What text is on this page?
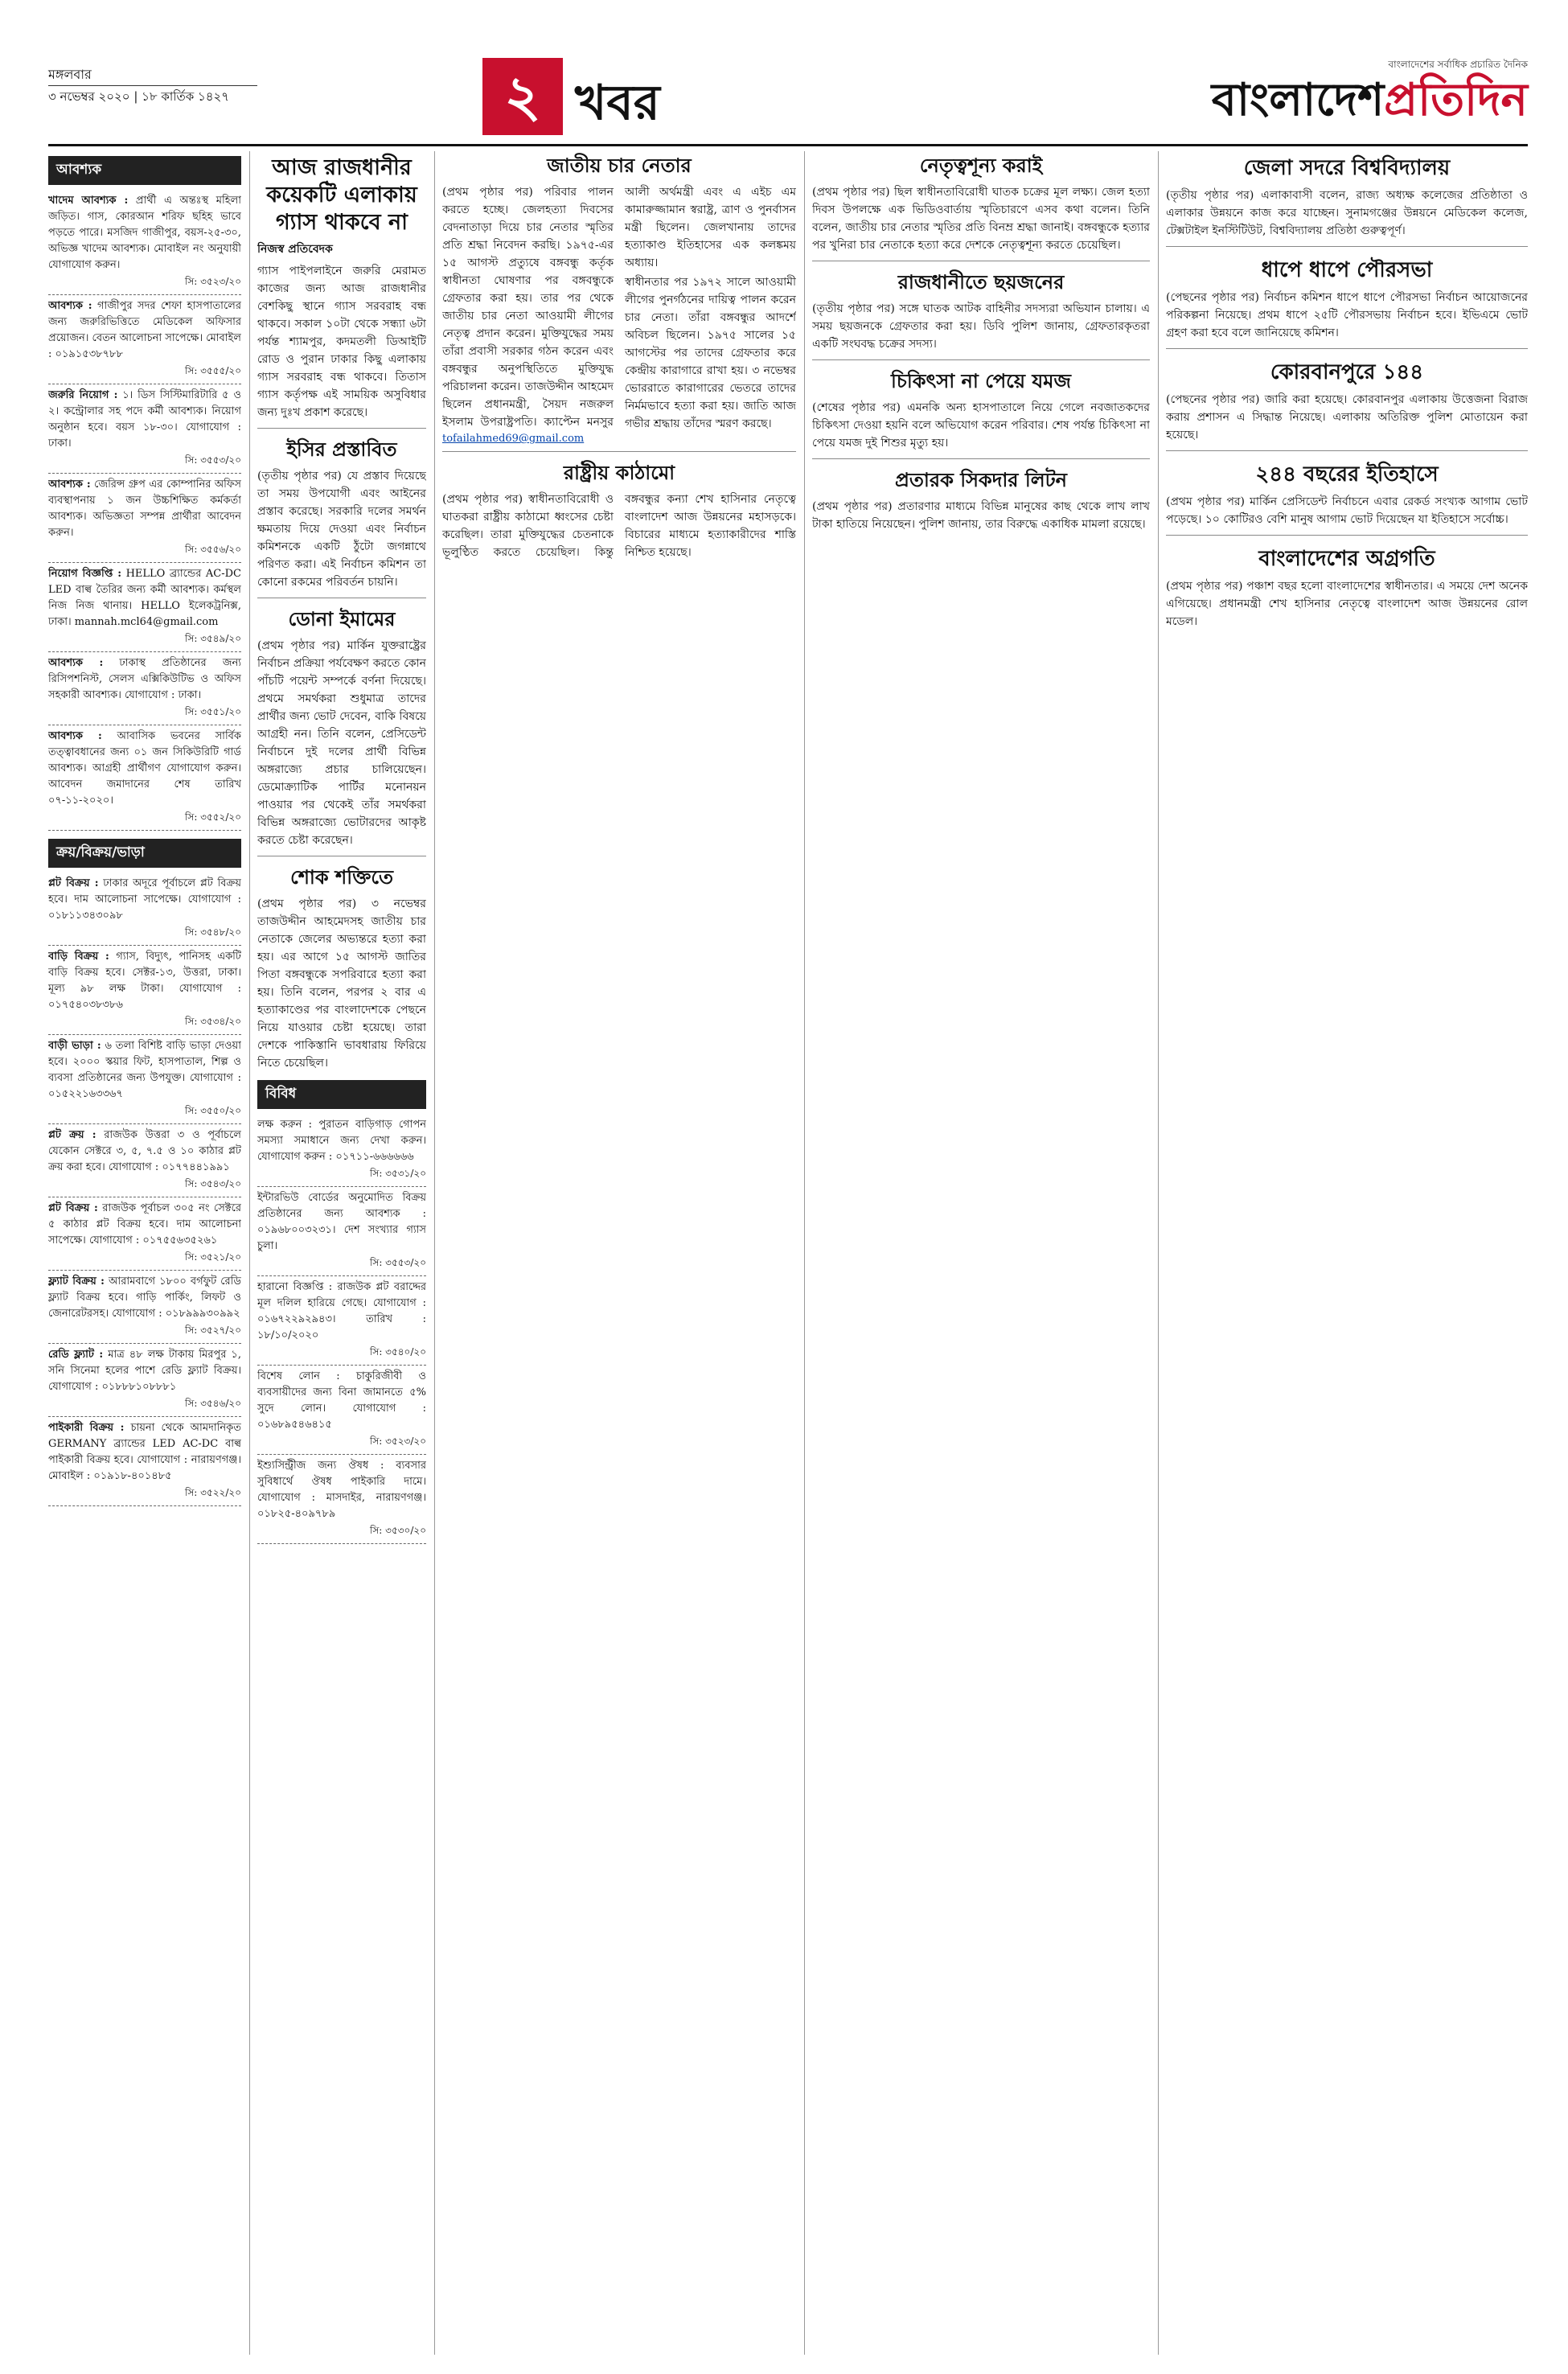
মঙ্গলবার
৩ নভেম্বর ২০২০ | ১৮ কার্তিক ১৪২৭	২ খবর
বাংলাদেশের সর্বাধিক প্রচারিত দৈনিক
বাংলাদেশপ্রতিদিন
আবশ্যক
খাদেম আবশ্যক : প্রার্থী এ অন্তঃস্থ মহিলা জড়িত। গাস, কোরআন শরিফ ছহিহ ভাবে পড়তে পারে। মসজিদ গাজীপুর, বয়স-২৫-৩০, অভিজ্ঞ খাদেম আবশ্যক। মোবাইল নং অনুযায়ী যোগাযোগ করুন।
সি: ৩৫২৩/২০
আবশ্যক : গাজীপুর সদর শেফা হাসপাতালের জন্য জরুরিভিত্তিতে মেডিকেল অফিসার প্রয়োজন। বেতন আলোচনা সাপেক্ষে। মোবাইল : ০১৯১৫৩৮৭৮৮
সি: ৩৫৫৫/২০
জরুরি নিয়োগ : ১। ডিস সিস্টিমারিটারি ৫ ও ২। কন্ট্রোলার সহ পদে কর্মী আবশ্যক। নিয়োগ অনুষ্ঠান হবে। বয়স ১৮-৩০। যোগাযোগ : ঢাকা।
সি: ৩৫৫৩/২০
আবশ্যক : জেরিন্স গ্রুপ এর কোম্পানির অফিস ব্যবস্থাপনায় ১ জন উচ্চশিক্ষিত কর্মকর্তা আবশ্যক। অভিজ্ঞতা সম্পন্ন প্রার্থীরা আবেদন করুন।
সি: ৩৫৫৬/২০
নিয়োগ বিজ্ঞপ্তি : HELLO ব্র্যান্ডের AC-DC LED বাল্ব তৈরির জন্য কর্মী আবশ্যক। কর্মস্থল নিজ নিজ থানায়। HELLO ইলেকট্রনিক্স, ঢাকা। mannah.mcl64@gmail.com
সি: ৩৫৪৯/২০
আবশ্যক : ঢাকাস্থ প্রতিষ্ঠানের জন্য রিসিপশনিস্ট, সেলস এক্সিকিউটিভ ও অফিস সহকারী আবশ্যক। যোগাযোগ : ঢাকা।
সি: ৩৫৫১/২০
আবশ্যক : আবাসিক ভবনের সার্বিক তত্ত্বাবধানের জন্য ০১ জন সিকিউরিটি গার্ড আবশ্যক। আগ্রহী প্রার্থীগণ যোগাযোগ করুন। আবেদন জমাদানের শেষ তারিখ ০৭-১১-২০২০।
সি: ৩৫৫২/২০
ক্রয়/বিক্রয়/ভাড়া
প্লট বিক্রয় : ঢাকার অদূরে পূর্বাচলে প্লট বিক্রয় হবে। দাম আলোচনা সাপেক্ষে। যোগাযোগ : ০১৮১১৩৪৩০৯৮
সি: ৩৫৪৮/২০
বাড়ি বিক্রয় : গ্যাস, বিদ্যুৎ, পানিসহ একটি বাড়ি বিক্রয় হবে। সেক্টর-১৩, উত্তরা, ঢাকা। মূল্য ৯৮ লক্ষ টাকা। যোগাযোগ : ০১৭৫৪০৩৮৩৮৬
সি: ৩৫৩৪/২০
বাড়ী ভাড়া : ৬ তলা বিশিষ্ট বাড়ি ভাড়া দেওয়া হবে। ২০০০ স্কয়ার ফিট, হাসপাতাল, শিল্প ও ব্যবসা প্রতিষ্ঠানের জন্য উপযুক্ত। যোগাযোগ : ০১৫২২১৬৩৩৬৭
সি: ৩৫৫০/২০
প্লট ক্রয় : রাজউক উত্তরা ৩ ও পূর্বাচলে যেকোন সেক্টরে ৩, ৫, ৭.৫ ও ১০ কাঠার প্লট ক্রয় করা হবে। যোগাযোগ : ০১৭৭৪৪১৯৯১
সি: ৩৫৪৩/২০
প্লট বিক্রয় : রাজউক পূর্বাচল ৩০৫ নং সেক্টরে ৫ কাঠার প্লট বিক্রয় হবে। দাম আলোচনা সাপেক্ষে। যোগাযোগ : ০১৭৫৫৬৩৫২৬১
সি: ৩৫২১/২০
ফ্ল্যাট বিক্রয় : আরামবাগে ১৮০০ বর্গফুট রেডি ফ্ল্যাট বিক্রয় হবে। গাড়ি পার্কিং, লিফট ও জেনারেটরসহ। যোগাযোগ : ০১৮৯৯৯৩০৯৯২
সি: ৩৫২৭/২০
রেডি ফ্ল্যাট : মাত্র ৪৮ লক্ষ টাকায় মিরপুর ১, সনি সিনেমা হলের পাশে রেডি ফ্ল্যাট বিক্রয়। যোগাযোগ : ০১৮৮৮১০৮৮৮১
সি: ৩৫৪৬/২০
পাইকারী বিক্রয় : চায়না থেকে আমদানিকৃত GERMANY ব্র্যান্ডের LED AC-DC বাল্ব পাইকারী বিক্রয় হবে। যোগাযোগ : নারায়ণগঞ্জ। মোবাইল : ০১৯১৮-৪০১৪৮৫
সি: ৩৫২২/২০
আজ রাজধানীর কয়েকটি এলাকায় গ্যাস থাকবে না
নিজস্ব প্রতিবেদক
গ্যাস পাইপলাইনে জরুরি মেরামত কাজের জন্য আজ রাজধানীর বেশকিছু স্থানে গ্যাস সরবরাহ বন্ধ থাকবে। সকাল ১০টা থেকে সন্ধ্যা ৬টা পর্যন্ত শ্যামপুর, কদমতলী ডিআইটি রোড ও পুরান ঢাকার কিছু এলাকায় গ্যাস সরবরাহ বন্ধ থাকবে। তিতাস গ্যাস কর্তৃপক্ষ এই সাময়িক অসুবিধার জন্য দুঃখ প্রকাশ করেছে।
ইসির প্রস্তাবিত
(তৃতীয় পৃষ্ঠার পর) যে প্রস্তাব দিয়েছে তা সময় উপযোগী এবং আইনের প্রস্তাব করেছে। সরকারি দলের সমর্থন ক্ষমতায় দিয়ে দেওয়া এবং নির্বাচন কমিশনকে একটি ঠুঁটো জগন্নাথে পরিণত করা। এই নির্বাচন কমিশন তা কোনো রকমের পরিবর্তন চায়নি।
ডোনা ইমামের
(প্রথম পৃষ্ঠার পর) মার্কিন যুক্তরাষ্ট্রের নির্বাচন প্রক্রিয়া পর্যবেক্ষণ করতে কোন পাঁচটি পয়েন্ট সম্পর্কে বর্ণনা দিয়েছে। প্রথমে সমর্থকরা শুধুমাত্র তাদের প্রার্থীর জন্য ভোট দেবেন, বাকি বিষয়ে আগ্রহী নন। তিনি বলেন, প্রেসিডেন্ট নির্বাচনে দুই দলের প্রার্থী বিভিন্ন অঙ্গরাজ্যে প্রচার চালিয়েছেন। ডেমোক্র্যাটিক পার্টির মনোনয়ন পাওয়ার পর থেকেই তাঁর সমর্থকরা বিভিন্ন অঙ্গরাজ্যে ভোটারদের আকৃষ্ট করতে চেষ্টা করেছেন।
শোক শক্তিতে
(প্রথম পৃষ্ঠার পর) ৩ নভেম্বর তাজউদ্দীন আহমেদসহ জাতীয় চার নেতাকে জেলের অভ্যন্তরে হত্যা করা হয়। এর আগে ১৫ আগস্ট জাতির পিতা বঙ্গবন্ধুকে সপরিবারে হত্যা করা হয়। তিনি বলেন, পরপর ২ বার এ হত্যাকাণ্ডের পর বাংলাদেশকে পেছনে নিয়ে যাওয়ার চেষ্টা হয়েছে। তারা দেশকে পাকিস্তানি ভাবধারায় ফিরিয়ে নিতে চেয়েছিল।
বিবিধ
লক্ষ করুন : পুরাতন বাড়িগাড় গোপন সমস্যা সমাধানে জন্য দেখা করুন। যোগাযোগ করুন : ০১৭১১-৬৬৬৬৬৬
সি: ৩৫৩১/২০
ইন্টারভিউ বোর্ডের অনুমোদিত বিক্রয় প্রতিষ্ঠানের জন্য আবশ্যক : ০১৯৬৮০০৩২৩১। দেশ সংখ্যার গ্যাস চুলা।
সি: ৩৫৫৩/২০
হারানো বিজ্ঞপ্তি : রাজউক প্লট বরাদ্দের মূল দলিল হারিয়ে গেছে। যোগাযোগ : ০১৬৭২২৯২৯৪৩। তারিখ : ১৮/১০/২০২০
সি: ৩৫৪০/২০
বিশেষ লোন : চাকুরিজীবী ও ব্যবসায়ীদের জন্য বিনা জামানতে ৫% সুদে লোন। যোগাযোগ : ০১৬৮৯৫৪৬৪১৫
সি: ৩৫২৩/২০
ইশ্যুসিন্ট্রীজ জন্য ঔষধ : ব্যবসার সুবিধার্থে ঔষধ পাইকারি দামে। যোগাযোগ : মাসদাইর, নারায়ণগঞ্জ। ০১৮২৫-৪০৯৭৮৯
সি: ৩৫৩০/২০
জাতীয় চার নেতার

(প্রথম পৃষ্ঠার পর) পরিবার পালন করতে হচ্ছে। জেলহত্যা দিবসের বেদনাতাড়া দিয়ে চার নেতার স্মৃতির প্রতি শ্রদ্ধা নিবেদন করছি। ১৯৭৫-এর ১৫ আগস্ট প্রত্যুষে বঙ্গবন্ধু কর্তৃক স্বাধীনতা ঘোষণার পর বঙ্গবন্ধুকে গ্রেফতার করা হয়। তার পর থেকে জাতীয় চার নেতা আওয়ামী লীগের নেতৃত্ব প্রদান করেন। মুক্তিযুদ্ধের সময় তাঁরা প্রবাসী সরকার গঠন করেন এবং বঙ্গবন্ধুর অনুপস্থিতিতে মুক্তিযুদ্ধ পরিচালনা করেন। তাজউদ্দীন আহমেদ ছিলেন প্রধানমন্ত্রী, সৈয়দ নজরুল ইসলাম উপরাষ্ট্রপতি। ক্যাপ্টেন মনসুর আলী অর্থমন্ত্রী এবং এ এইচ এম কামারুজ্জামান স্বরাষ্ট্র, ত্রাণ ও পুনর্বাসন মন্ত্রী ছিলেন। জেলখানায় তাদের হত্যাকাণ্ড ইতিহাসের এক কলঙ্কময় অধ্যায়।

স্বাধীনতার পর ১৯৭২ সালে আওয়ামী লীগের পুনর্গঠনের দায়িত্ব পালন করেন চার নেতা। তাঁরা বঙ্গবন্ধুর আদর্শে অবিচল ছিলেন। ১৯৭৫ সালের ১৫ আগস্টের পর তাদের গ্রেফতার করে কেন্দ্রীয় কারাগারে রাখা হয়। ৩ নভেম্বর ভোররাতে কারাগারের ভেতরে তাদের নির্মমভাবে হত্যা করা হয়। জাতি আজ গভীর শ্রদ্ধায় তাঁদের স্মরণ করছে।

tofailahmed69@gmail.com
রাষ্ট্রীয় কাঠামো
(প্রথম পৃষ্ঠার পর) স্বাধীনতাবিরোধী ও ঘাতকরা রাষ্ট্রীয় কাঠামো ধ্বংসের চেষ্টা করেছিল। তারা মুক্তিযুদ্ধের চেতনাকে ভূলুণ্ঠিত করতে চেয়েছিল। কিন্তু বঙ্গবন্ধুর কন্যা শেখ হাসিনার নেতৃত্বে বাংলাদেশ আজ উন্নয়নের মহাসড়কে। বিচারের মাধ্যমে হত্যাকারীদের শাস্তি নিশ্চিত হয়েছে।
নেতৃত্বশূন্য করাই
(প্রথম পৃষ্ঠার পর) ছিল স্বাধীনতাবিরোধী ঘাতক চক্রের মূল লক্ষ্য। জেল হত্যা দিবস উপলক্ষে এক ভিডিওবার্তায় স্মৃতিচারণে এসব কথা বলেন। তিনি বলেন, জাতীয় চার নেতার স্মৃতির প্রতি বিনম্র শ্রদ্ধা জানাই। বঙ্গবন্ধুকে হত্যার পর খুনিরা চার নেতাকে হত্যা করে দেশকে নেতৃত্বশূন্য করতে চেয়েছিল।
রাজধানীতে ছয়জনের
(তৃতীয় পৃষ্ঠার পর) সঙ্গে ঘাতক আটক বাহিনীর সদস্যরা অভিযান চালায়। এ সময় ছয়জনকে গ্রেফতার করা হয়। ডিবি পুলিশ জানায়, গ্রেফতারকৃতরা একটি সংঘবদ্ধ চক্রের সদস্য।
চিকিৎসা না পেয়ে যমজ
(শেষের পৃষ্ঠার পর) এমনকি অন্য হাসপাতালে নিয়ে গেলে নবজাতকদের চিকিৎসা দেওয়া হয়নি বলে অভিযোগ করেন পরিবার। শেষ পর্যন্ত চিকিৎসা না পেয়ে যমজ দুই শিশুর মৃত্যু হয়।
প্রতারক সিকদার লিটন
(প্রথম পৃষ্ঠার পর) প্রতারণার মাধ্যমে বিভিন্ন মানুষের কাছ থেকে লাখ লাখ টাকা হাতিয়ে নিয়েছেন। পুলিশ জানায়, তার বিরুদ্ধে একাধিক মামলা রয়েছে।
জেলা সদরে বিশ্ববিদ্যালয়
(তৃতীয় পৃষ্ঠার পর) এলাকাবাসী বলেন, রাজ্য অধ্যক্ষ কলেজের প্রতিষ্ঠাতা ও এলাকার উন্নয়নে কাজ করে যাচ্ছেন। সুনামগঞ্জের উন্নয়নে মেডিকেল কলেজ, টেক্সটাইল ইনস্টিটিউট, বিশ্ববিদ্যালয় প্রতিষ্ঠা গুরুত্বপূর্ণ।
ধাপে ধাপে পৌরসভা
(পেছনের পৃষ্ঠার পর) নির্বাচন কমিশন ধাপে ধাপে পৌরসভা নির্বাচন আয়োজনের পরিকল্পনা নিয়েছে। প্রথম ধাপে ২৫টি পৌরসভায় নির্বাচন হবে। ইভিএমে ভোট গ্রহণ করা হবে বলে জানিয়েছে কমিশন।
কোরবানপুরে ১৪৪
(পেছনের পৃষ্ঠার পর) জারি করা হয়েছে। কোরবানপুর এলাকায় উত্তেজনা বিরাজ করায় প্রশাসন এ সিদ্ধান্ত নিয়েছে। এলাকায় অতিরিক্ত পুলিশ মোতায়েন করা হয়েছে।
২৪৪ বছরের ইতিহাসে
(প্রথম পৃষ্ঠার পর) মার্কিন প্রেসিডেন্ট নির্বাচনে এবার রেকর্ড সংখ্যক আগাম ভোট পড়েছে। ১০ কোটিরও বেশি মানুষ আগাম ভোট দিয়েছেন যা ইতিহাসে সর্বোচ্চ।
বাংলাদেশের অগ্রগতি
(প্রথম পৃষ্ঠার পর) পঞ্চাশ বছর হলো বাংলাদেশের স্বাধীনতার। এ সময়ে দেশ অনেক এগিয়েছে। প্রধানমন্ত্রী শেখ হাসিনার নেতৃত্বে বাংলাদেশ আজ উন্নয়নের রোল মডেল।
